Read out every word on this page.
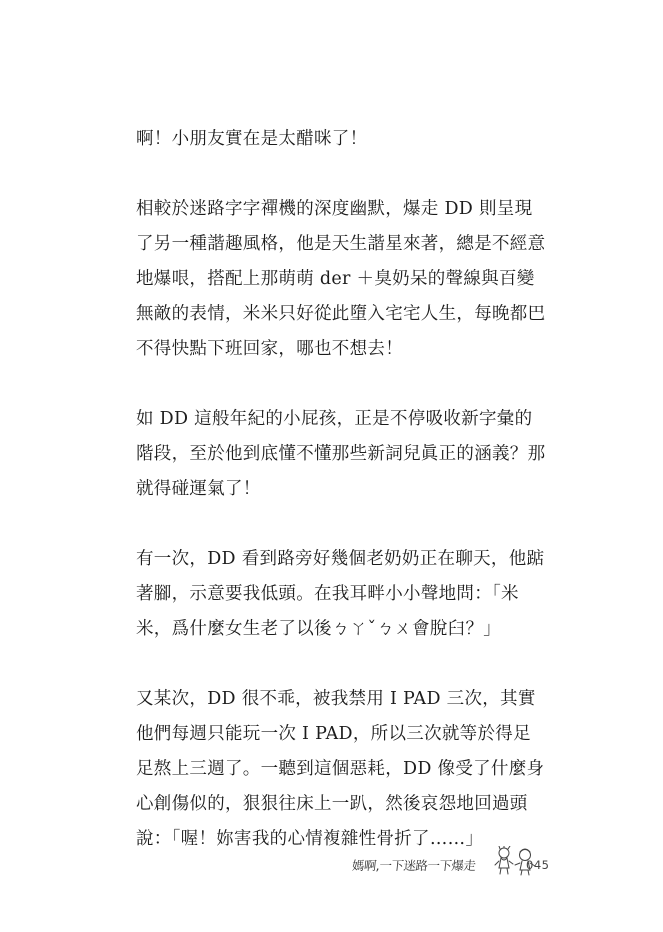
啊！小朋友實在是太醋咪了！

相較於迷路字字禪機的深度幽默，爆走 DD 則呈現了另一種諧趣風格，他是天生諧星來著，總是不經意地爆哏，搭配上那萌萌 der ＋臭奶呆的聲線與百變無敵的表情，米米只好從此墮入宅宅人生，每晚都巴不得快點下班回家，哪也不想去！

如 DD 這般年紀的小屁孩，正是不停吸收新字彙的階段，至於他到底懂不懂那些新詞兒眞正的涵義？那就得碰運氣了！

有一次，DD 看到路旁好幾個老奶奶正在聊天，他踮著腳，示意要我低頭。在我耳畔小小聲地問：「米米，爲什麼女生老了以後ㄅㄚˇㄅㄨ會脫臼？」

又某次，DD 很不乖，被我禁用 I PAD 三次，其實他們每週只能玩一次 I PAD，所以三次就等於得足足熬上三週了。一聽到這個惡耗，DD 像受了什麼身心創傷似的，狠狠往床上一趴，然後哀怨地回過頭說：「喔！妳害我的心情複雜性骨折了……」

媽啊,一下迷路一下爆走	045
